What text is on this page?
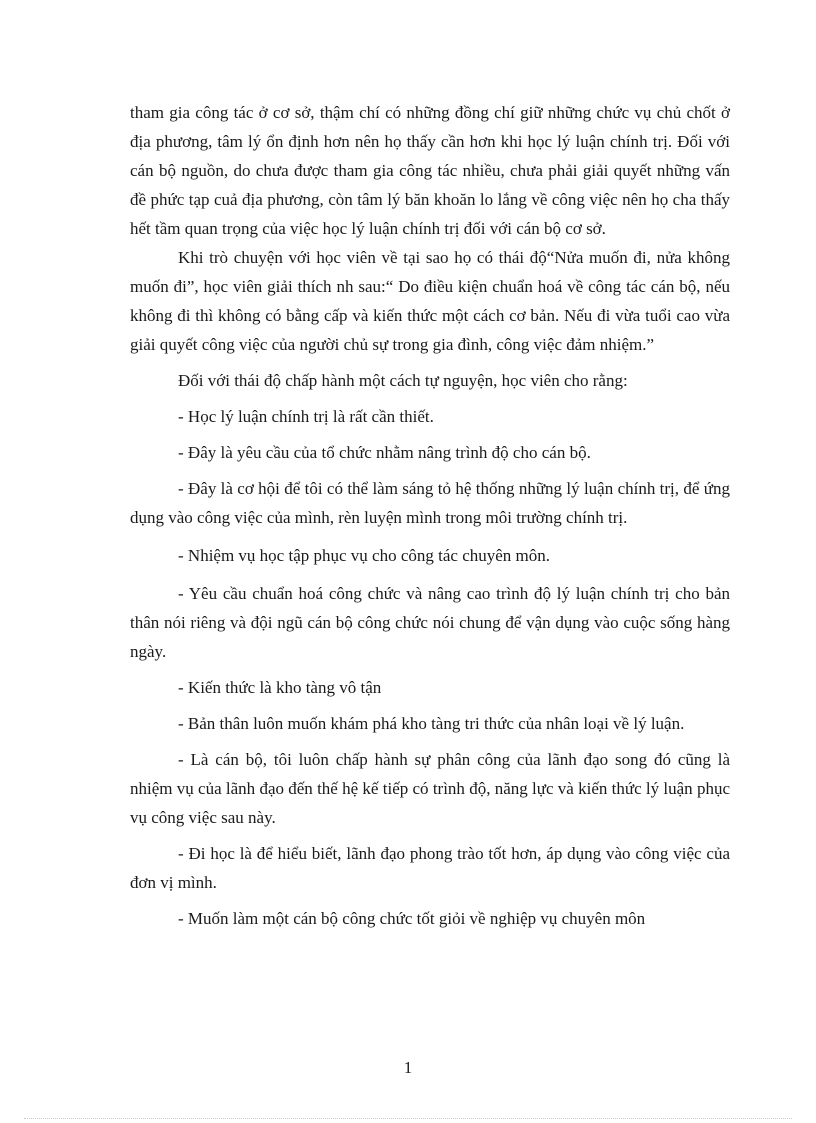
tham gia công tác ở cơ sở, thậm chí có những đồng chí giữ những chức vụ chủ chốt ở địa phương, tâm lý ổn định hơn nên họ thấy cần hơn khi học lý luận chính trị. Đối với cán bộ nguồn, do chưa được tham gia công tác nhiều, chưa phải giải quyết những vấn đề phức tạp cuả địa phương, còn tâm lý băn khoăn lo lắng về công việc nên họ cha thấy hết tầm quan trọng của việc học lý luận chính trị đối với cán bộ cơ sở.

Khi trò chuyện với học viên về tại sao họ có thái độ“Nửa muốn đi, nửa không muốn đi”, học viên giải thích nh sau:“ Do điều kiện chuẩn hoá về công tác cán bộ, nếu không đi thì không có bằng cấp và kiến thức một cách cơ bản. Nếu đi vừa tuổi cao vừa giải quyết công việc của người chủ sự trong gia đình, công việc đảm nhiệm.”

Đối với thái độ chấp hành một cách tự nguyện, học viên cho rằng:

- Học lý luận chính trị là rất cần thiết.

- Đây là yêu cầu của tổ chức nhằm nâng trình độ cho cán bộ.

- Đây là cơ hội để tôi có thể làm sáng tỏ hệ thống những lý luận chính trị, để ứng dụng vào công việc của mình, rèn luyện mình trong môi trường chính trị.

- Nhiệm vụ học tập phục vụ cho công tác chuyên môn.

- Yêu cầu chuẩn hoá công chức và nâng cao trình độ lý luận chính trị cho bản thân nói riêng và đội ngũ cán bộ công chức nói chung để vận dụng vào cuộc sống hàng ngày.

- Kiến thức là kho tàng vô tận

- Bản thân luôn muốn khám phá kho tàng tri thức của nhân loại về lý luận.

- Là cán bộ, tôi luôn chấp hành sự phân công của lãnh đạo song đó cũng là nhiệm vụ của lãnh đạo đến thế hệ kế tiếp có trình độ, năng lực và kiến thức lý luận phục vụ công việc sau này.

- Đi học là để hiểu biết, lãnh đạo phong trào tốt hơn, áp dụng vào công việc của đơn vị mình.

- Muốn làm một cán bộ công chức tốt giỏi về nghiệp vụ chuyên môn

1
